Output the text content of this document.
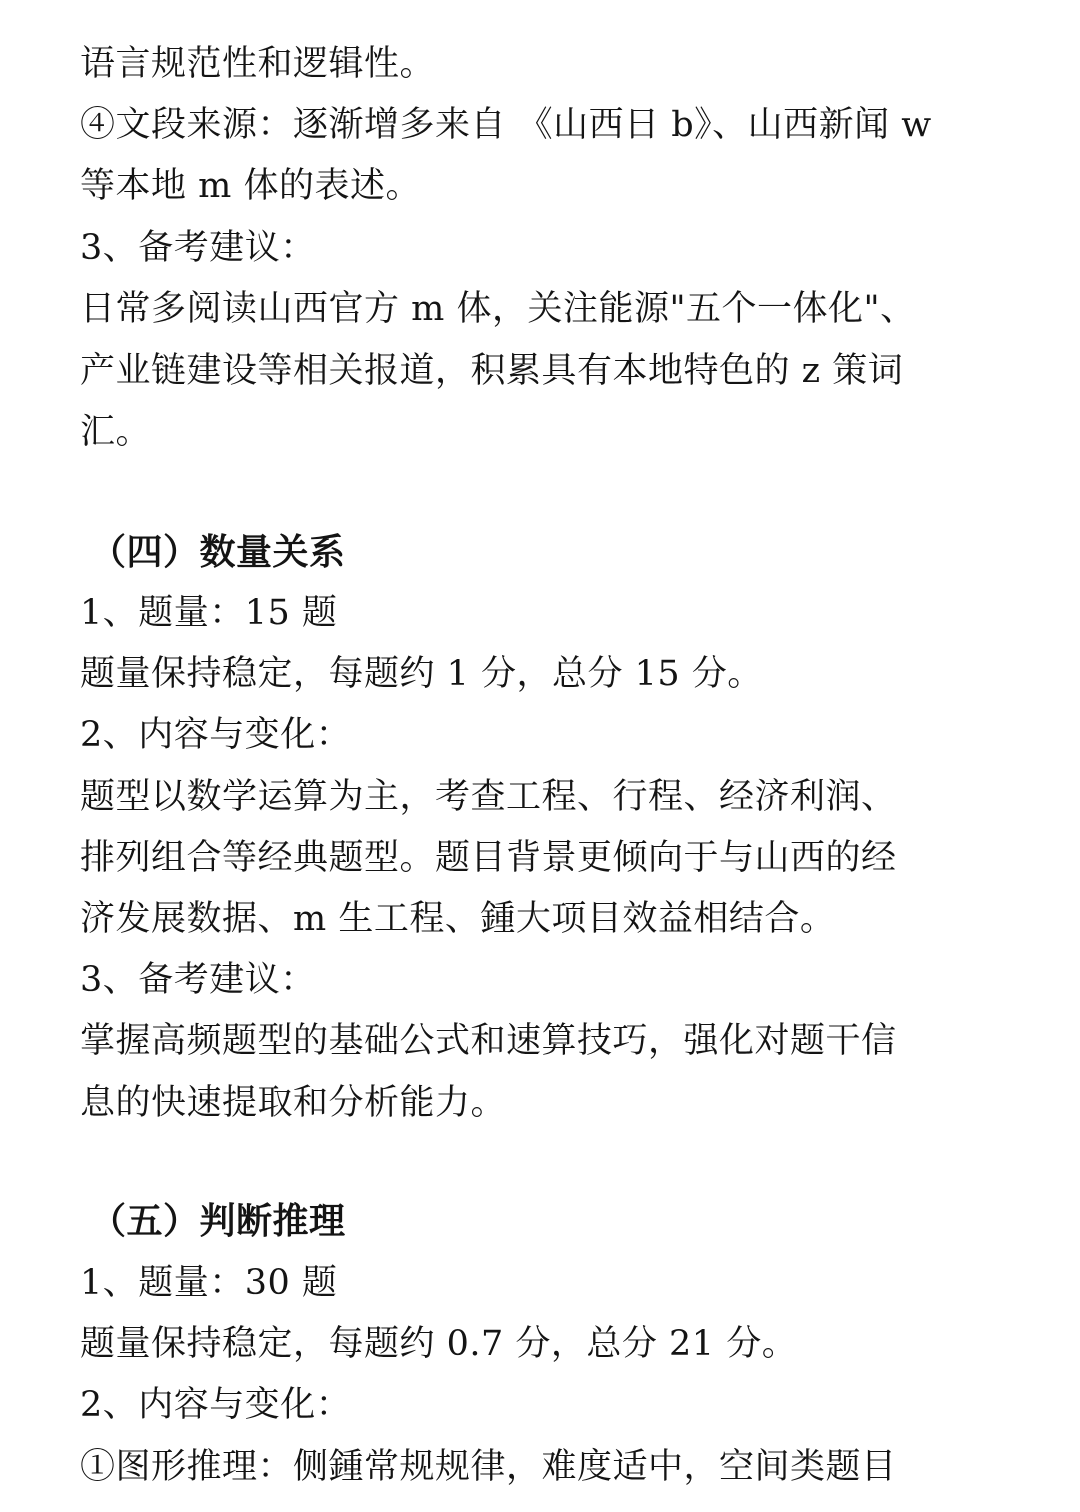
语言规范性和逻辑性。
④文段来源：逐渐增多来自 《山西日 b》、山西新闻 w
等本地 m 体的表述。
3、备考建议：
日常多阅读山西官方 m 体，关注能源"五个一体化"、
产业链建设等相关报道，积累具有本地特色的 z 策词
汇。
（四）数量关系
1、题量：15 题
题量保持稳定，每题约 1 分，总分 15 分。
2、内容与变化：
题型以数学运算为主，考查工程、行程、经济利润、
排列组合等经典题型。题目背景更倾向于与山西的经
济发展数据、m 生工程、鍾大项目效益相结合。
3、备考建议：
掌握高频题型的基础公式和速算技巧，强化对题干信
息的快速提取和分析能力。
（五）判断推理
1、题量：30 题
题量保持稳定，每题约 0.7 分，总分 21 分。
2、内容与变化：
①图形推理：侧鍾常规规律，难度适中，空间类题目
